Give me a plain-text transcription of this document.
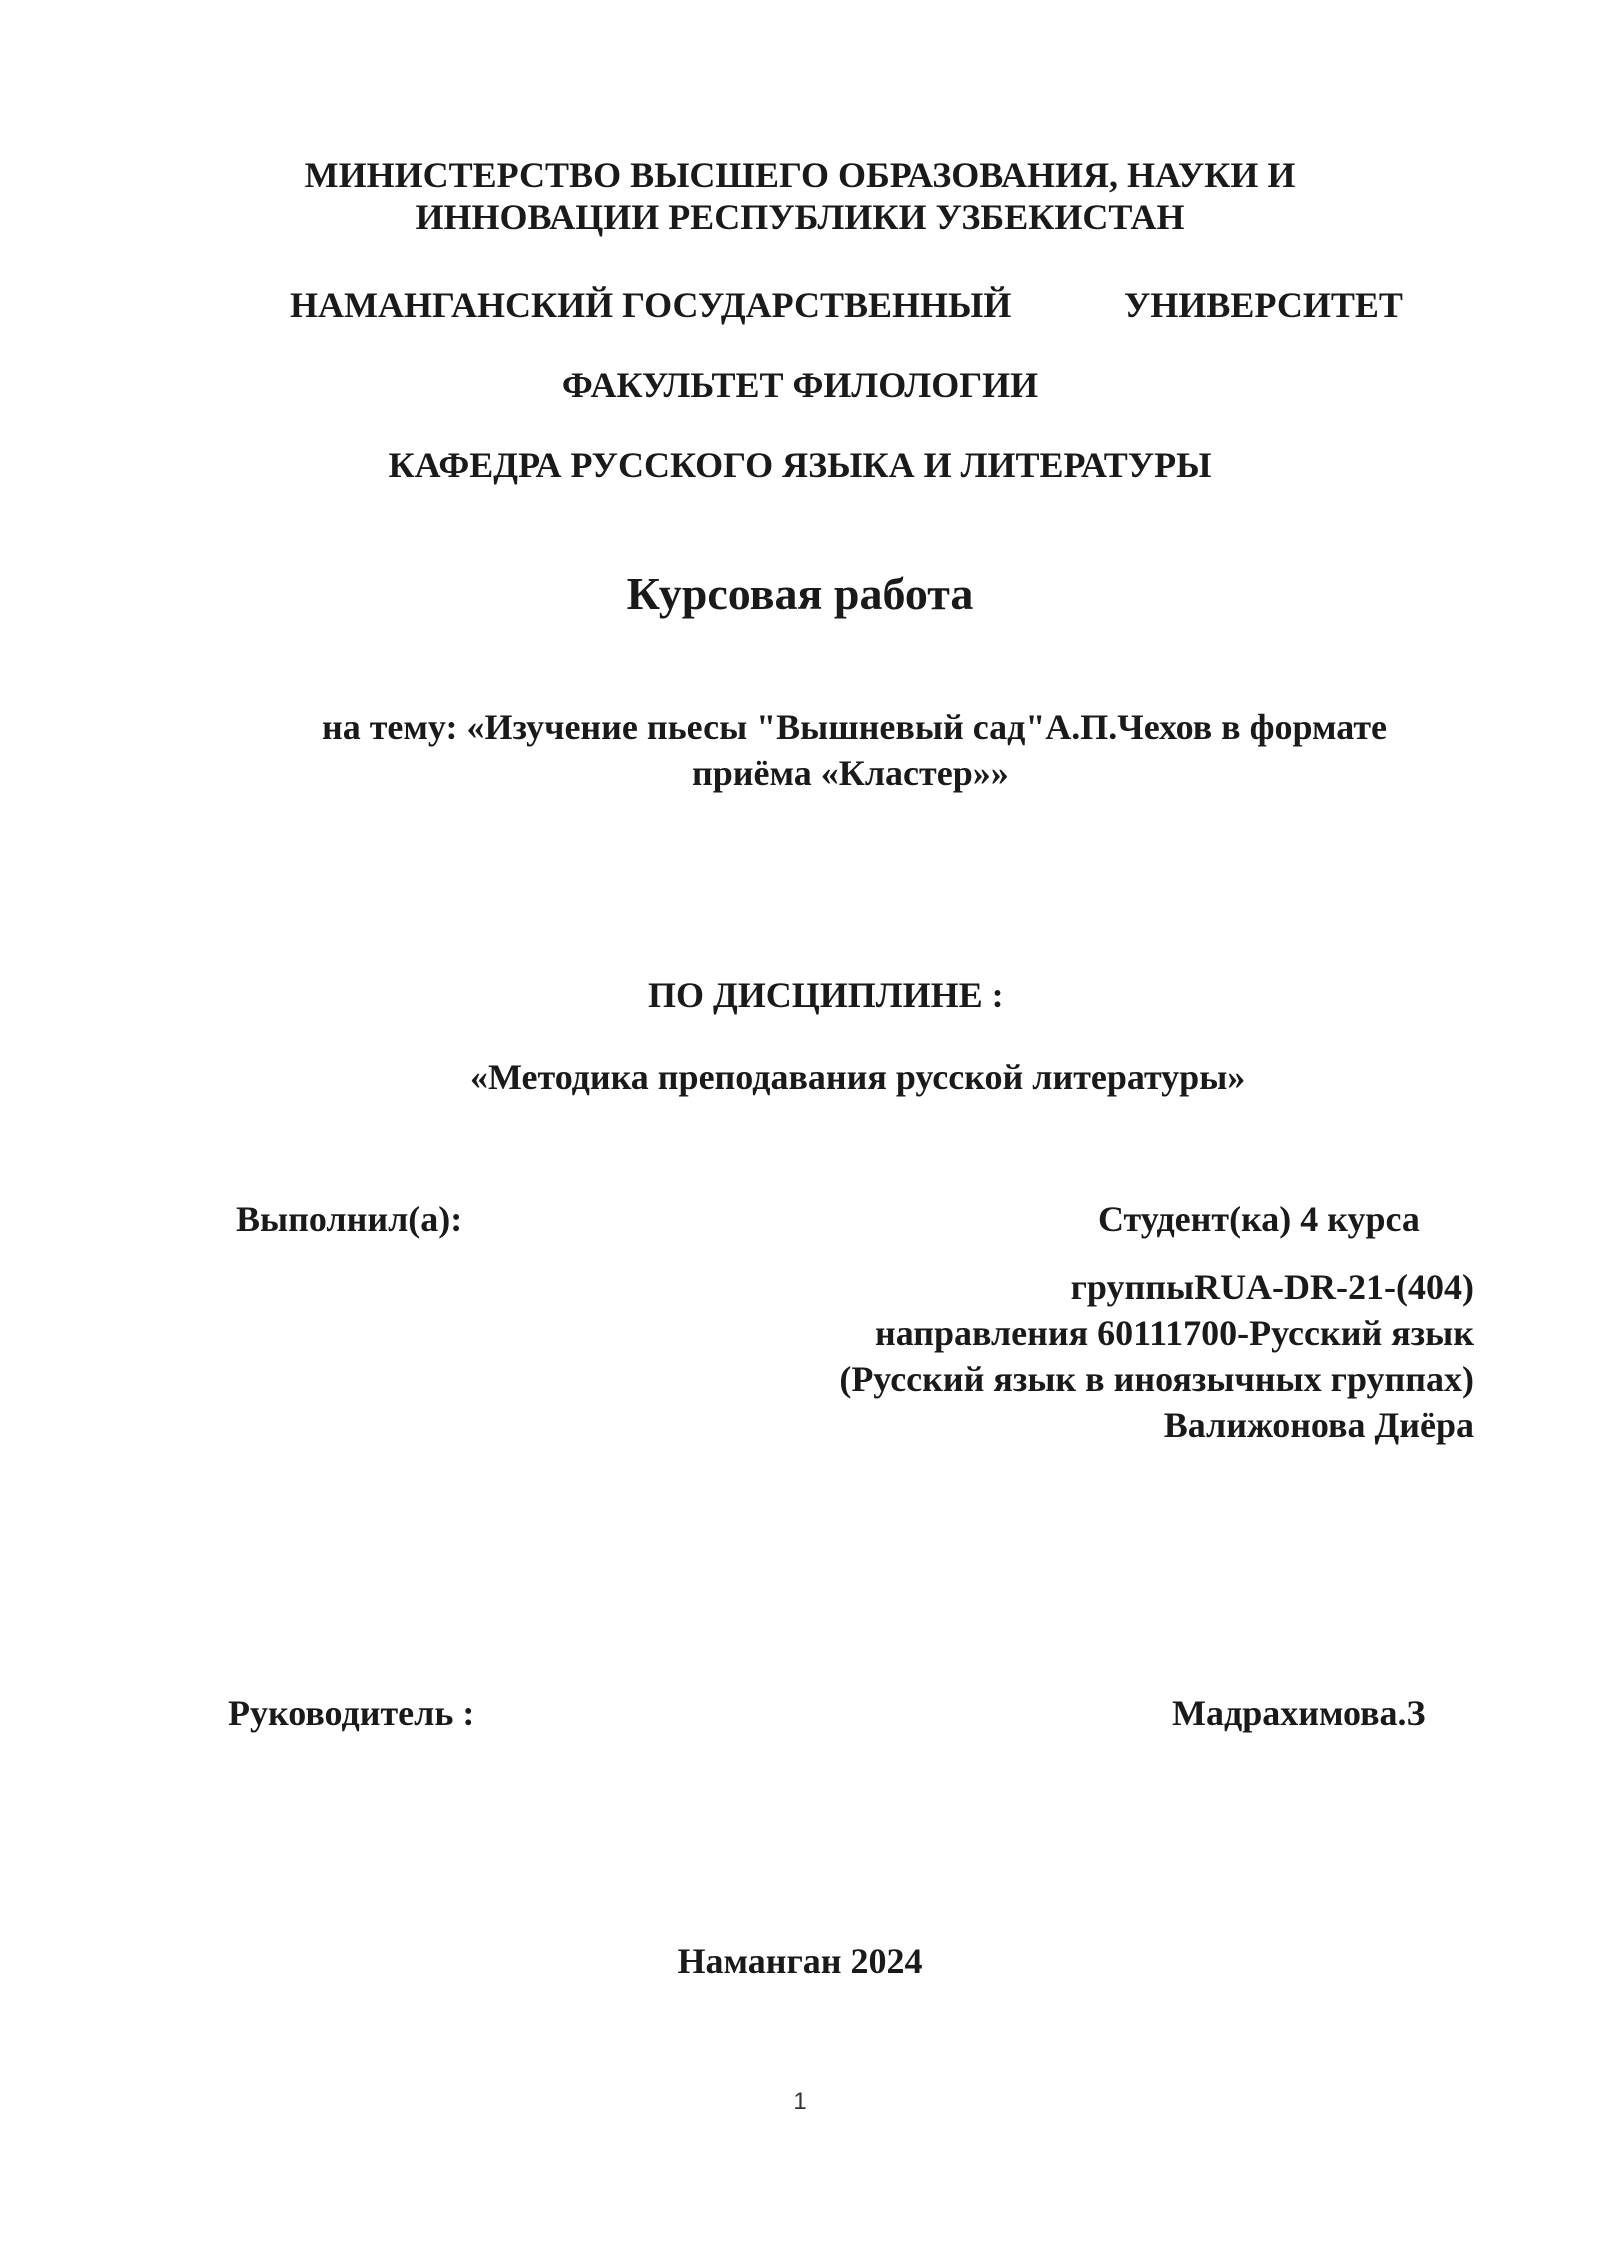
МИНИСТЕРСТВО ВЫСШЕГО ОБРАЗОВАНИЯ, НАУКИ И
ИННОВАЦИИ РЕСПУБЛИКИ УЗБЕКИСТАН
НАМАНГАНСКИЙ ГОСУДАРСТВЕННЫЙ	УНИВЕРСИТЕТ
ФАКУЛЬТЕТ ФИЛОЛОГИИ
КАФЕДРА РУССКОГО ЯЗЫКА И ЛИТЕРАТУРЫ
Курсовая работа
на тему: «Изучение пьесы "Вышневый сад"А.П.Чехов в формате
приёма «Кластер»»
ПО ДИСЦИПЛИНЕ :
«Методика преподавания русской литературы»
Выполнил(а):	Студент(ка) 4 курса
группыRUA-DR-21-(404)
направления 60111700-Русский язык
(Русский язык в иноязычных группах)
Валижонова Диёра
Руководитель :	Мадрахимова.З
Наманган 2024
1
